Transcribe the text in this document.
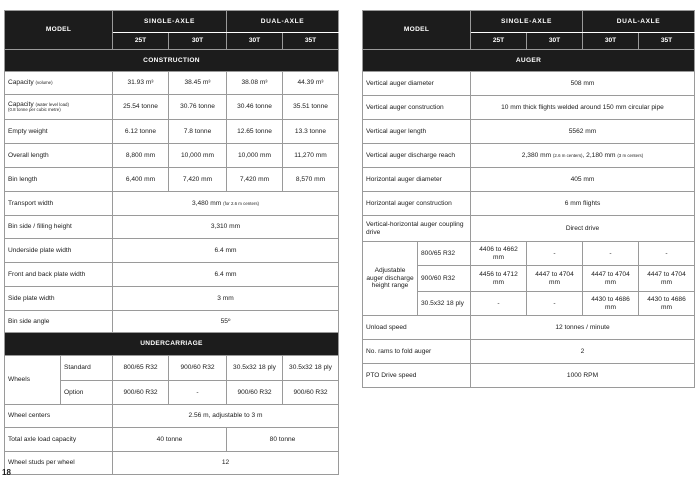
MODEL		SINGLE-AXLE		DUAL-AXLE	
		25T	30T	30T	35T
CONSTRUCTION					
Capacity (volume)		31.93 m³	38.45 m³	38.08 m³	44.39 m³
Capacity (water level load)
(0.8 tonne per cubic metre)		25.54 tonne	30.76 tonne	30.46 tonne	35.51 tonne
Empty weight		6.12 tonne	7.8 tonne	12.65 tonne	13.3 tonne
Overall length		8,800 mm	10,000 mm	10,000 mm	11,270 mm
Bin length		6,400 mm	7,420 mm	7,420 mm	8,570 mm
Transport width		3,480 mm (for 2.6 m centers)			
Bin side / filling height		3,310 mm			
Underside plate width		6.4 mm			
Front and back plate width		6.4 mm			
Side plate width		3 mm			
Bin side angle		55º			
UNDERCARRIAGE					
Wheels	Standard	800/65 R32	900/60 R32	30.5x32 18 ply	30.5x32 18 ply
	Option	900/60 R32	-	900/60 R32	900/60 R32
Wheel centers		2.56 m, adjustable to 3 m			
Total axle load capacity		40 tonne		80 tonne	
Wheel studs per wheel		12			
MODEL		SINGLE-AXLE		DUAL-AXLE	
		25T	30T	30T	35T
AUGER					
Vertical auger diameter		508 mm			
Vertical auger construction		10 mm thick flights welded around 150 mm circular pipe			
Vertical auger length		5562 mm			
Vertical auger discharge reach		2,380 mm (2.6 m centers), 2,180 mm (3 m centers)			
Horizontal auger diameter		405 mm			
Horizontal auger construction		6 mm flights			
Vertical-horizontal auger coupling drive		Direct drive			
Adjustable auger discharge height range	800/65 R32	4406 to 4662 mm	-	-	-
	900/60 R32	4456 to 4712 mm	4447 to 4704 mm	4447 to 4704 mm	4447 to 4704 mm
	30.5x32 18 ply	-	-	4430 to 4686 mm	4430 to 4686 mm
Unload speed		12 tonnes / minute			
No. rams to fold auger		2			
PTO Drive speed		1000 RPM			
18
